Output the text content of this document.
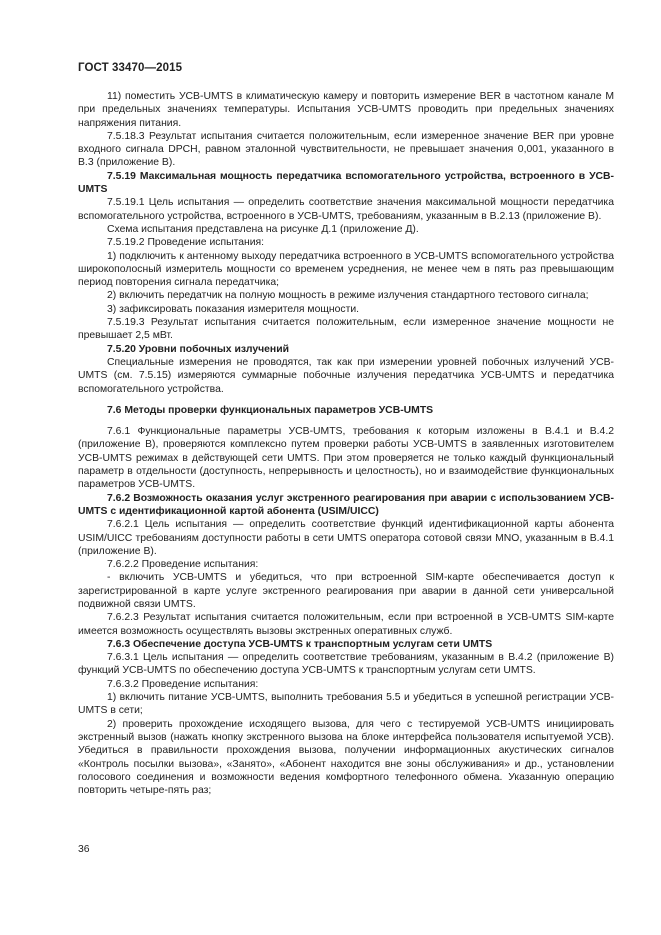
ГОСТ 33470—2015

11) поместить УСВ-UMTS в климатическую камеру и повторить измерение BER в частотном канале M при предельных значениях температуры. Испытания УСВ-UMTS проводить при предельных значениях напряжения питания.

7.5.18.3 Результат испытания считается положительным, если измеренное значение BER при уровне входного сигнала DPCH, равном эталонной чувствительности, не превышает значения 0,001, указанного в В.3 (приложение В).

7.5.19 Максимальная мощность передатчика вспомогательного устройства, встроенного в УСВ-UMTS

7.5.19.1 Цель испытания — определить соответствие значения максимальной мощности передатчика вспомогательного устройства, встроенного в УСВ-UMTS, требованиям, указанным в В.2.13 (приложение В).

Схема испытания представлена на рисунке Д.1 (приложение Д).

7.5.19.2 Проведение испытания:

1) подключить к антенному выходу передатчика встроенного в УСВ-UMTS вспомогательного устройства широкополосный измеритель мощности со временем усреднения, не менее чем в пять раз превышающим период повторения сигнала передатчика;

2) включить передатчик на полную мощность в режиме излучения стандартного тестового сигнала;

3) зафиксировать показания измерителя мощности.

7.5.19.3 Результат испытания считается положительным, если измеренное значение мощности не превышает 2,5 мВт.

7.5.20 Уровни побочных излучений

Специальные измерения не проводятся, так как при измерении уровней побочных излучений УСВ-UMTS (см. 7.5.15) измеряются суммарные побочные излучения передатчика УСВ-UMTS и передатчика вспомогательного устройства.

7.6 Методы проверки функциональных параметров УСВ-UMTS

7.6.1 Функциональные параметры УСВ-UMTS, требования к которым изложены в В.4.1 и В.4.2 (приложение В), проверяются комплексно путем проверки работы УСВ-UMTS в заявленных изготовителем УСВ-UMTS режимах в действующей сети UMTS. При этом проверяется не только каждый функциональный параметр в отдельности (доступность, непрерывность и целостность), но и взаимодействие функциональных параметров УСВ-UMTS.

7.6.2 Возможность оказания услуг экстренного реагирования при аварии с использованием УСВ-UMTS с идентификационной картой абонента (USIM/UICC)

7.6.2.1 Цель испытания — определить соответствие функций идентификационной карты абонента USIM/UICC требованиям доступности работы в сети UMTS оператора сотовой связи MNO, указанным в В.4.1 (приложение В).

7.6.2.2 Проведение испытания:

- включить УСВ-UMTS и убедиться, что при встроенной SIM-карте обеспечивается доступ к зарегистрированной в карте услуге экстренного реагирования при аварии в данной сети универсальной подвижной связи UMTS.

7.6.2.3 Результат испытания считается положительным, если при встроенной в УСВ-UMTS SIM-карте имеется возможность осуществлять вызовы экстренных оперативных служб.

7.6.3 Обеспечение доступа УСВ-UMTS к транспортным услугам сети UMTS

7.6.3.1 Цель испытания — определить соответствие требованиям, указанным в В.4.2 (приложение В) функций УСВ-UMTS по обеспечению доступа УСВ-UMTS к транспортным услугам сети UMTS.

7.6.3.2 Проведение испытания:

1) включить питание УСВ-UMTS, выполнить требования 5.5 и убедиться в успешной регистрации УСВ-UMTS в сети;

2) проверить прохождение исходящего вызова, для чего с тестируемой УСВ-UMTS инициировать экстренный вызов (нажать кнопку экстренного вызова на блоке интерфейса пользователя испытуемой УСВ). Убедиться в правильности прохождения вызова, получении информационных акустических сигналов «Контроль посылки вызова», «Занято», «Абонент находится вне зоны обслуживания» и др., установлении голосового соединения и возможности ведения комфортного телефонного обмена. Указанную операцию повторить четыре-пять раз;

36
